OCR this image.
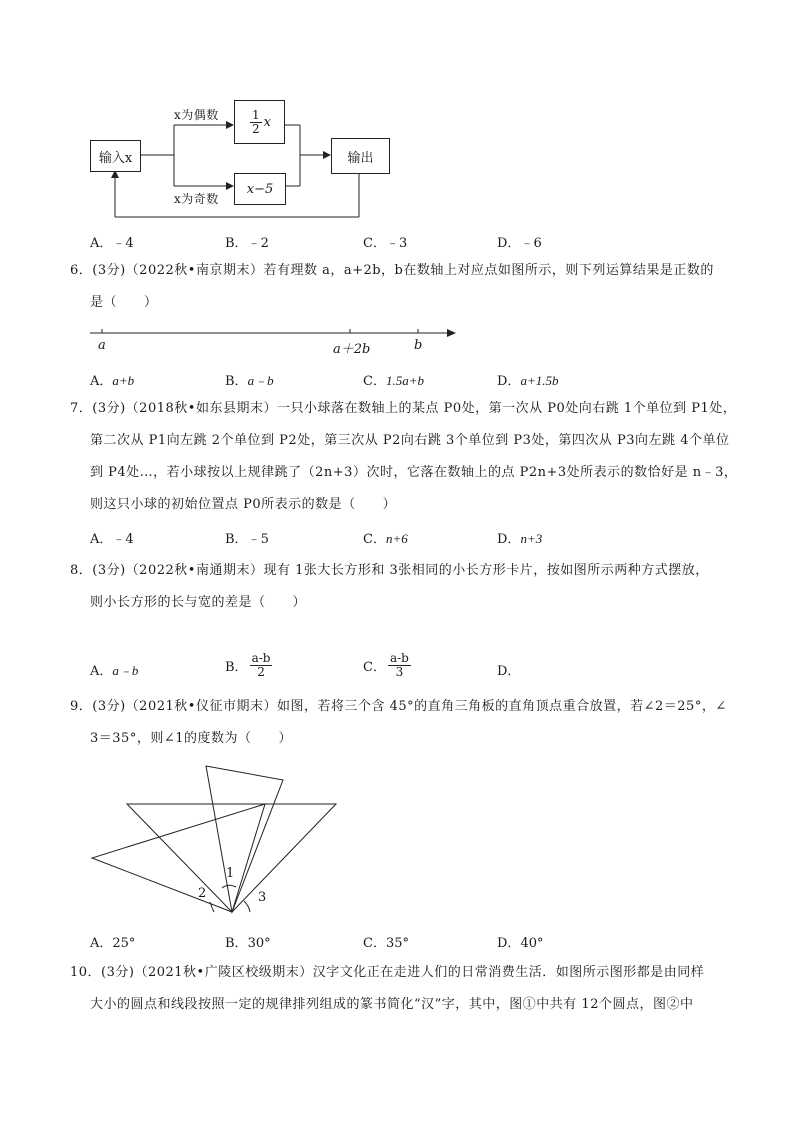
输入x
$\frac{1}{2}$ x
x−5
输出
x为偶数
x为奇数
A．﹣4	B．﹣2	C．﹣3	D．﹣6
6．(3分)（2022秋•南京期末）若有理数 a，a+2b，b在数轴上对应点如图所示，则下列运算结果是正数的
是（　　）
a	a＋2b	b
A．a+b	B．a﹣b	C．1.5a+b	D．a+1.5b
7．(3分)（2018秋•如东县期末）一只小球落在数轴上的某点 P0处，第一次从 P0处向右跳 1个单位到 P1处，
第二次从 P1向左跳 2个单位到 P2处，第三次从 P2向右跳 3个单位到 P3处，第四次从 P3向左跳 4个单位
到 P4处…，若小球按以上规律跳了（2n+3）次时，它落在数轴上的点 P2n+3处所表示的数恰好是 n﹣3，
则这只小球的初始位置点 P0所表示的数是（　　）
A．﹣4	B．﹣5	C．n+6	D．n+3
8．(3分)（2022秋•南通期末）现有 1张大长方形和 3张相同的小长方形卡片，按如图所示两种方式摆放，
则小长方形的长与宽的差是（　　）
A．a﹣b	B． $\frac{a-b}{2}$	C． $\frac{a-b}{3}$	D．
9．(3分)（2021秋•仪征市期末）如图，若将三个含 45°的直角三角板的直角顶点重合放置，若∠2＝25°，∠
3＝35°，则∠1的度数为（　　）
1
2	3
A．25°	B．30°	C．35°	D．40°
10．(3分)（2021秋•广陵区校级期末）汉字文化正在走进人们的日常消费生活．如图所示图形都是由同样
大小的圆点和线段按照一定的规律排列组成的篆书简化“汉”字，其中，图①中共有 12个圆点，图②中
